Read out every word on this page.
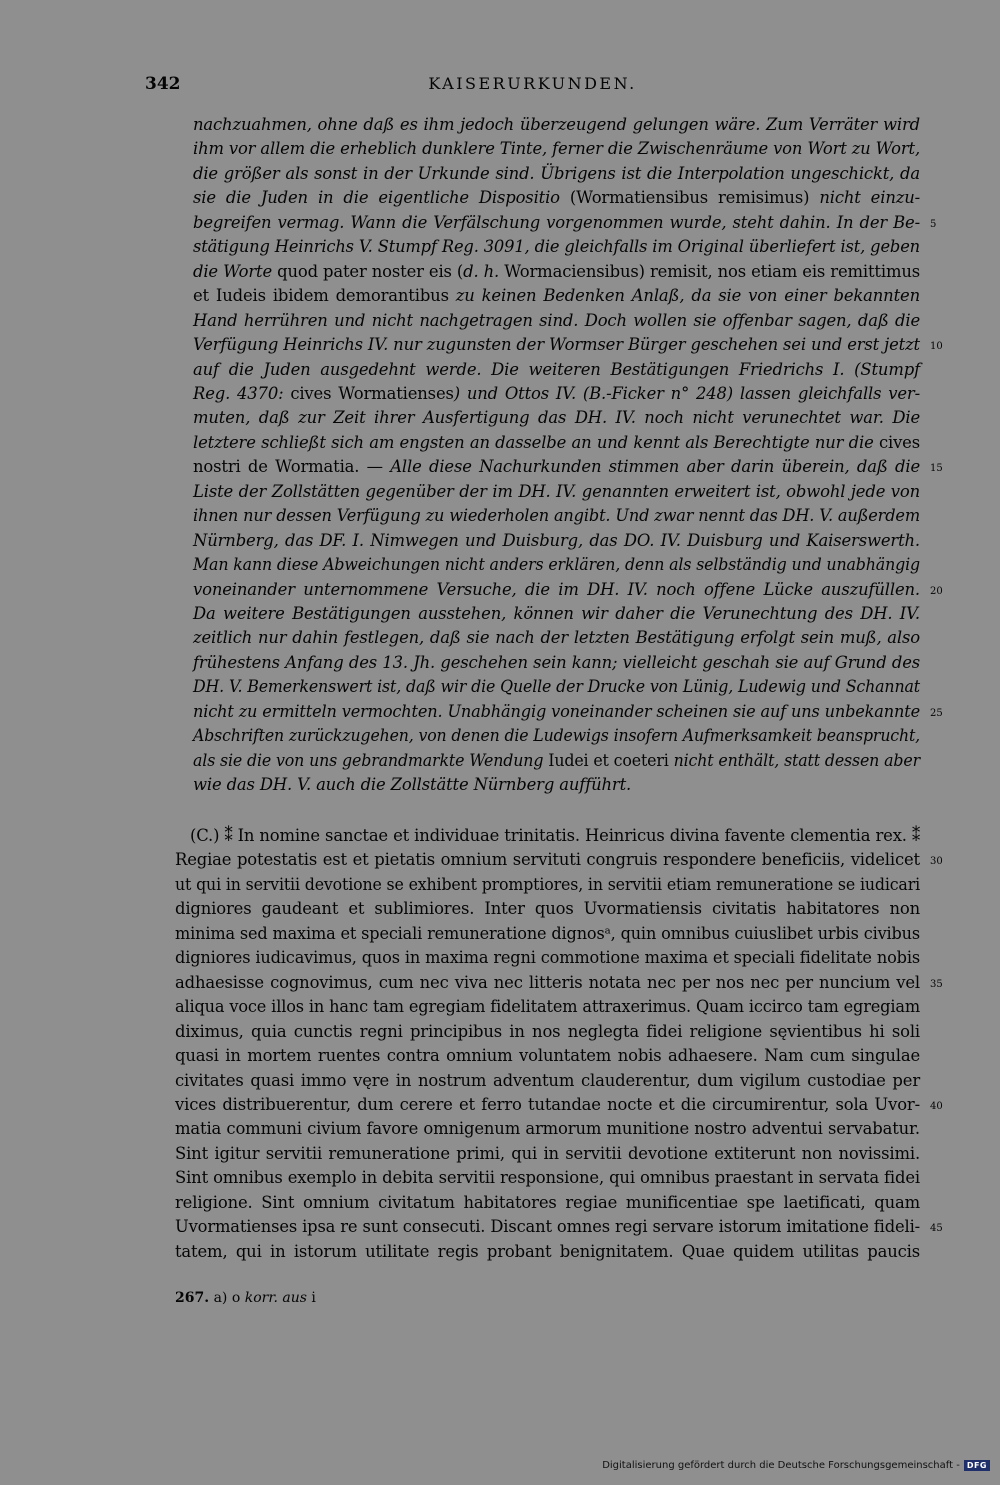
342	KAISERURKUNDEN.
nachzuahmen, ohne daß es ihm jedoch überzeugend gelungen wäre. Zum Verräter wird
ihm vor allem die erheblich dunklere Tinte, ferner die Zwischenräume von Wort zu Wort,
die größer als sonst in der Urkunde sind. Übrigens ist die Interpolation ungeschickt, da
sie die Juden in die eigentliche Dispositio (Wormatiensibus remisimus) nicht einzu-
begreifen vermag. Wann die Verfälschung vorgenommen wurde, steht dahin. In der Be- 5
stätigung Heinrichs V. Stumpf Reg. 3091, die gleichfalls im Original überliefert ist, geben
die Worte quod pater noster eis (d. h. Wormaciensibus) remisit, nos etiam eis remittimus
et Iudeis ibidem demorantibus zu keinen Bedenken Anlaß, da sie von einer bekannten
Hand herrühren und nicht nachgetragen sind. Doch wollen sie offenbar sagen, daß die
Verfügung Heinrichs IV. nur zugunsten der Wormser Bürger geschehen sei und erst jetzt 10
auf die Juden ausgedehnt werde. Die weiteren Bestätigungen Friedrichs I. (Stumpf
Reg. 4370: cives Wormatienses) und Ottos IV. (B.-Ficker n° 248) lassen gleichfalls ver-
muten, daß zur Zeit ihrer Ausfertigung das DH. IV. noch nicht verunechtet war. Die
letztere schließt sich am engsten an dasselbe an und kennt als Berechtigte nur die cives
nostri de Wormatia. — Alle diese Nachurkunden stimmen aber darin überein, daß die 15
Liste der Zollstätten gegenüber der im DH. IV. genannten erweitert ist, obwohl jede von
ihnen nur dessen Verfügung zu wiederholen angibt. Und zwar nennt das DH. V. außerdem
Nürnberg, das DF. I. Nimwegen und Duisburg, das DO. IV. Duisburg und Kaiserswerth.
Man kann diese Abweichungen nicht anders erklären, denn als selbständig und unabhängig
voneinander unternommene Versuche, die im DH. IV. noch offene Lücke auszufüllen. 20
Da weitere Bestätigungen ausstehen, können wir daher die Verunechtung des DH. IV.
zeitlich nur dahin festlegen, daß sie nach der letzten Bestätigung erfolgt sein muß, also
frühestens Anfang des 13. Jh. geschehen sein kann; vielleicht geschah sie auf Grund des
DH. V. Bemerkenswert ist, daß wir die Quelle der Drucke von Lünig, Ludewig und Schannat
nicht zu ermitteln vermochten. Unabhängig voneinander scheinen sie auf uns unbekannte 25
Abschriften zurückzugehen, von denen die Ludewigs insofern Aufmerksamkeit beansprucht,
als sie die von uns gebrandmarkte Wendung Iudei et coeteri nicht enthält, statt dessen aber
wie das DH. V. auch die Zollstätte Nürnberg aufführt.
(C.) ⁑ In nomine sanctae et individuae trinitatis. Heinricus divina favente clementia rex. ⁑
Regiae potestatis est et pietatis omnium servituti congruis respondere beneficiis, videlicet 30
ut qui in servitii devotione se exhibent promptiores, in servitii etiam remuneratione se iudicari
digniores gaudeant et sublimiores. Inter quos Uvormatiensis civitatis habitatores non
minima sed maxima et speciali remuneratione dignosᵃ, quin omnibus cuiuslibet urbis civibus
digniores iudicavimus, quos in maxima regni commotione maxima et speciali fidelitate nobis
adhaesisse cognovimus, cum nec viva nec litteris notata nec per nos nec per nuncium vel 35
aliqua voce illos in hanc tam egregiam fidelitatem attraxerimus. Quam iccirco tam egregiam
diximus, quia cunctis regni principibus in nos neglegta fidei religione sęvientibus hi soli
quasi in mortem ruentes contra omnium voluntatem nobis adhaesere. Nam cum singulae
civitates quasi immo vęre in nostrum adventum clauderentur, dum vigilum custodiae per
vices distribuerentur, dum cerere et ferro tutandae nocte et die circumirentur, sola Uvor- 40
matia communi civium favore omnigenum armorum munitione nostro adventui servabatur.
Sint igitur servitii remuneratione primi, qui in servitii devotione extiterunt non novissimi.
Sint omnibus exemplo in debita servitii responsione, qui omnibus praestant in servata fidei
religione. Sint omnium civitatum habitatores regiae munificentiae spe laetificati, quam
Uvormatienses ipsa re sunt consecuti. Discant omnes regi servare istorum imitatione fideli- 45
tatem, qui in istorum utilitate regis probant benignitatem. Quae quidem utilitas paucis
267. a) o korr. aus i
Digitalisierung gefördert durch die Deutsche Forschungsgemeinschaft - DFG
